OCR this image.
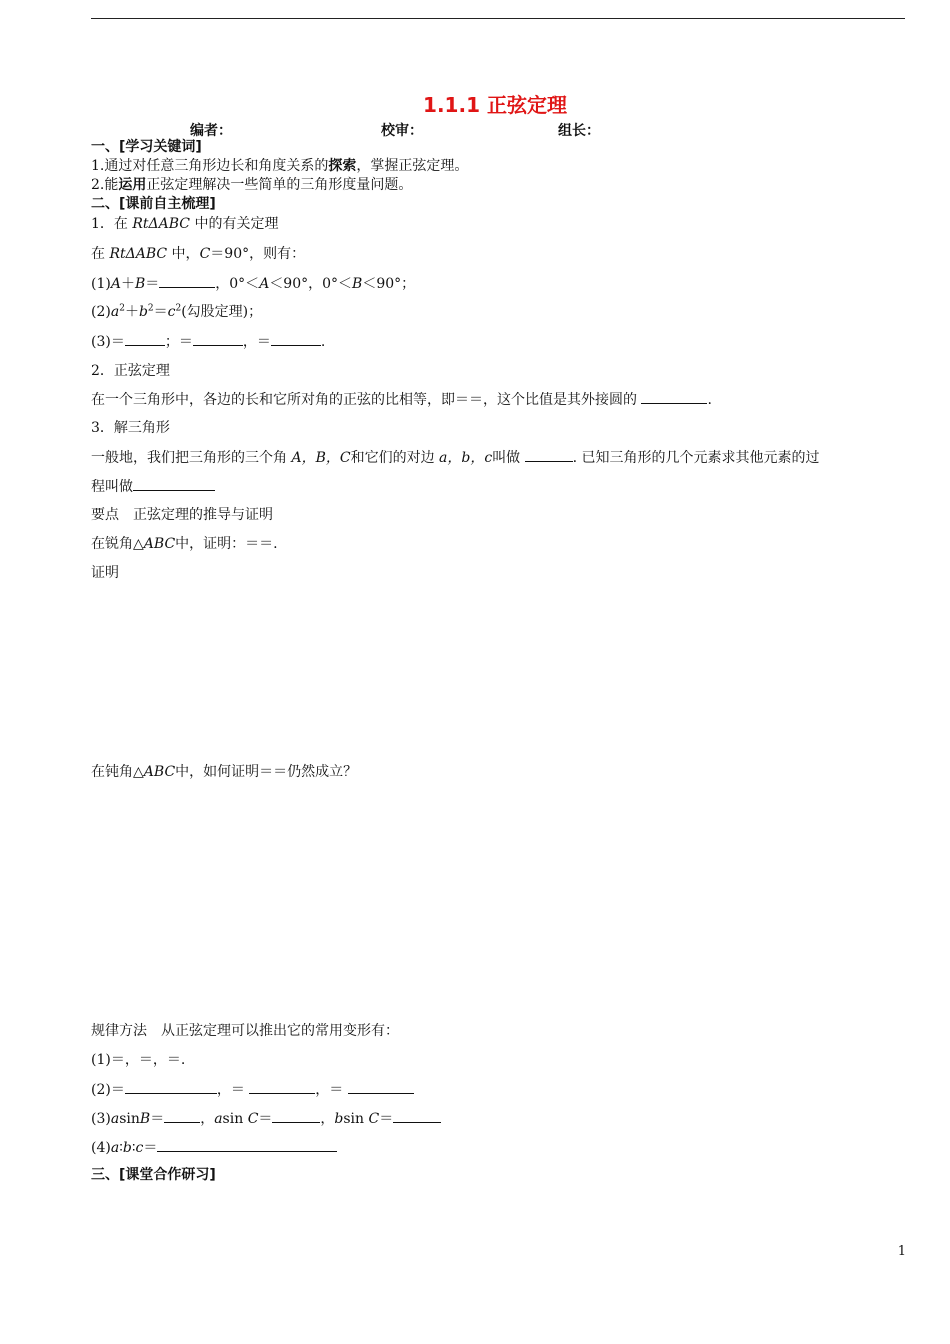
1.1.1 正弦定理
编者：	校审：	组长：
一、[学习关键词]
1.通过对任意三角形边长和角度关系的探索，掌握正弦定理。
2.能运用正弦定理解决一些简单的三角形度量问题。
二、[课前自主梳理]
1．在 RtΔABC 中的有关定理
在 RtΔABC 中，C＝90°，则有：
(1)A＋B＝	，0°＜A＜90°，0°＜B＜90°；
$(2)a^2+b^2=c^2$(勾股定理)；
(3)＝	；＝	，＝	.
2．正弦定理
在一个三角形中，各边的长和它所对角的正弦的比相等，即＝＝，这个比值是其外接圆的	.
3．解三角形
一般地，我们把三角形的三个角 A，B，C和它们的对边 a，b，c叫做	. 已知三角形的几个元素求其他元素的过
程叫做
要点　正弦定理的推导与证明
在锐角△ABC中，证明：＝＝.
证明
在钝角△ABC中，如何证明＝＝仍然成立？
规律方法　从正弦定理可以推出它的常用变形有：
(1)＝，＝，＝.
(2)＝	，＝	，＝
(3)asinB＝	，asin C＝	，bsin C＝
(4)a∶b∶c＝
三、[课堂合作研习]
1
